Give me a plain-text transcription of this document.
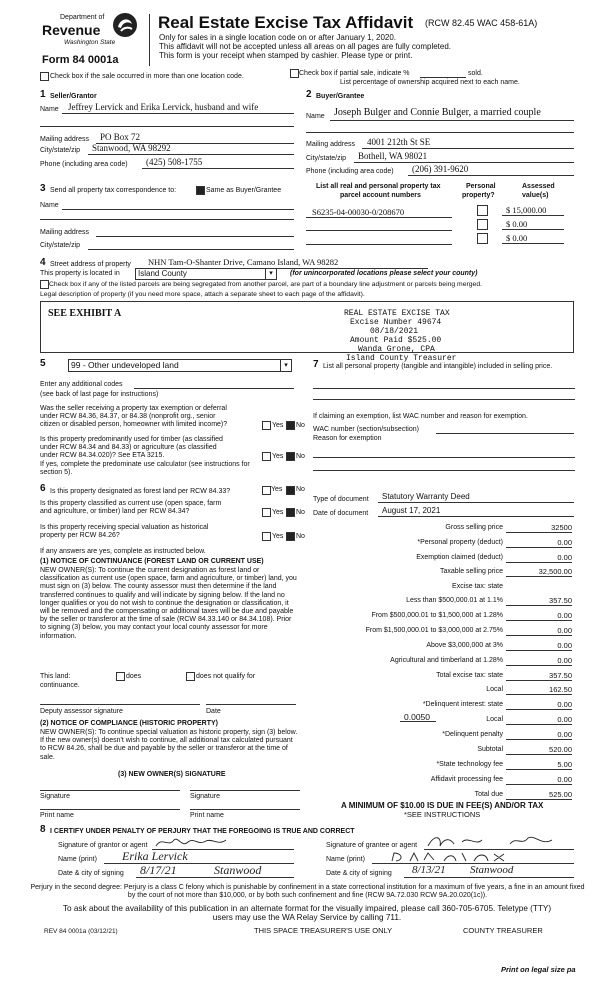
Department of
Revenue
Washington State
Form 84 0001a
Real Estate Excise Tax Affidavit (RCW 82.45 WAC 458-61A)
Only for sales in a single location code on or after January 1, 2020.
This affidavit will not be accepted unless all areas on all pages are fully completed.
This form is your receipt when stamped by cashier. Please type or print.
Check box if the sale occurred in more than one location code.	Check box if partial sale, indicate %	sold.
List percentage of ownership acquired next to each name.
1 Seller/Grantor
Name Jeffrey Lervick and Erika Lervick, husband and wife
Mailing address PO Box 72
City/state/zip Stanwood, WA 98292
Phone (including area code) (425) 508-1755
2 Buyer/Grantee
Name Joseph Bulger and Connie Bulger, a married couple
Mailing address 4001 212th St SE
City/state/zip Bothell, WA 98021
Phone (including area code) (206) 391-9620
3 Send all property tax correspondence to:	Same as Buyer/Grantee
Name
Mailing address
City/state/zip
List all real and personal property tax
parcel account numbers
Personal
property?
Assessed
value(s)
S6235-04-00030-0/208670	$ 15,000.00
$ 0.00
$ 0.00
4 Street address of property NHN Tam-O-Shanter Drive, Camano Island, WA 98282
This property is located in Island County	▾	(for unincorporated locations please select your county)
Check box if any of the listed parcels are being segregated from another parcel, are part of a boundary line adjustment or parcels being merged.
Legal description of property (if you need more space, attach a separate sheet to each page of the affidavit).
SEE EXHIBIT A	REAL ESTATE EXCISE TAX
Excise Number 49674
08/18/2021
Amount Paid $525.00
Wanda Grone, CPA
Island County Treasurer
5	99 - Other undeveloped land	▾
Enter any additional codes
(see back of last page for instructions)
Was the seller receiving a property tax exemption or deferral
under RCW 84.36, 84.37, or 84.38 (nonprofit org., senior
citizen or disabled person, homeowner with limited income)?	Yes No
Is this property predominantly used for timber (as classified
under RCW 84.34 and 84.33) or agriculture (as classified
under RCW 84.34.020)? See ETA 3215.	Yes No
If yes, complete the predominate use calculator (see instructions for
section 5).
7 List all personal property (tangible and intangible) included in selling price.
If claiming an exemption, list WAC number and reason for exemption.
WAC number (section/subsection)
Reason for exemption
6 Is this property designated as forest land per RCW 84.33?	Yes No
Is this property classified as current use (open space, farm
and agriculture, or timber) land per RCW 84.34?	Yes No
Is this property receiving special valuation as historical
property per RCW 84.26?	Yes No
If any answers are yes, complete as instructed below.
(1) NOTICE OF CONTINUANCE (FOREST LAND OR CURRENT USE)
NEW OWNER(S): To continue the current designation as forest land or classification as current use (open space, farm and agriculture, or timber) land, you must sign on (3) below. The county assessor must then determine if the land transferred continues to qualify and will indicate by signing below. If the land no longer qualifies or you do not wish to continue the designation or classification, it will be removed and the compensating or additional taxes will be due and payable by the seller or transferor at the time of sale (RCW 84.33.140 or 84.34.108). Prior to signing (3) below, you may contact your local county assessor for more information.
This land:	does	does not qualify for
continuance.
Deputy assessor signature	Date
(2) NOTICE OF COMPLIANCE (HISTORIC PROPERTY)
NEW OWNER(S): To continue special valuation as historic property, sign (3) below. If the new owner(s) doesn't wish to continue, all additional tax calculated pursuant to RCW 84.26, shall be due and payable by the seller or transferor at the time of sale.
(3) NEW OWNER(S) SIGNATURE
Signature	Signature
Print name	Print name
Type of document Statutory Warranty Deed
Date of document August 17, 2021
Gross selling price	32500
*Personal property (deduct)	0.00
Exemption claimed (deduct)	0.00
Taxable selling price	32,500.00
Excise tax: state
Less than $500,000.01 at 1.1%	357.50
From $500,000.01 to $1,500,000 at 1.28%	0.00
From $1,500,000.01 to $3,000,000 at 2.75%	0.00
Above $3,000,000 at 3%	0.00
Agricultural and timberland at 1.28%	0.00
Total excise tax: state	357.50
Local	162.50
*Delinquent interest: state	0.00
Local	0.00
*Delinquent penalty	0.00
Subtotal	520.00
*State technology fee	5.00
Affidavit processing fee	0.00
Total due	525.00
0.0050
A MINIMUM OF $10.00 IS DUE IN FEE(S) AND/OR TAX
*SEE INSTRUCTIONS
8 I CERTIFY UNDER PENALTY OF PERJURY THAT THE FOREGOING IS TRUE AND CORRECT
Signature of grantor or agent
Name (print) Erika Lervick
Date & city of signing 8/17/21	Stanwood
Signature of grantee or agent
Name (print)
Date & city of signing 8/13/21 Stanwood
Perjury in the second degree: Perjury is a class C felony which is punishable by confinement in a state correctional institution for a maximum of five years, a fine in an amount fixed by the court of not more than $10,000, or by both such confinement and fine (RCW 9A.72.030 RCW 9A.20.020(1c)).
To ask about the availability of this publication in an alternate format for the visually impaired, please call 360-705-6705. Teletype (TTY) users may use the WA Relay Service by calling 711.
REV 84 0001a (03/12/21)	THIS SPACE TREASURER'S USE ONLY	COUNTY TREASURER
Print on legal size pa
